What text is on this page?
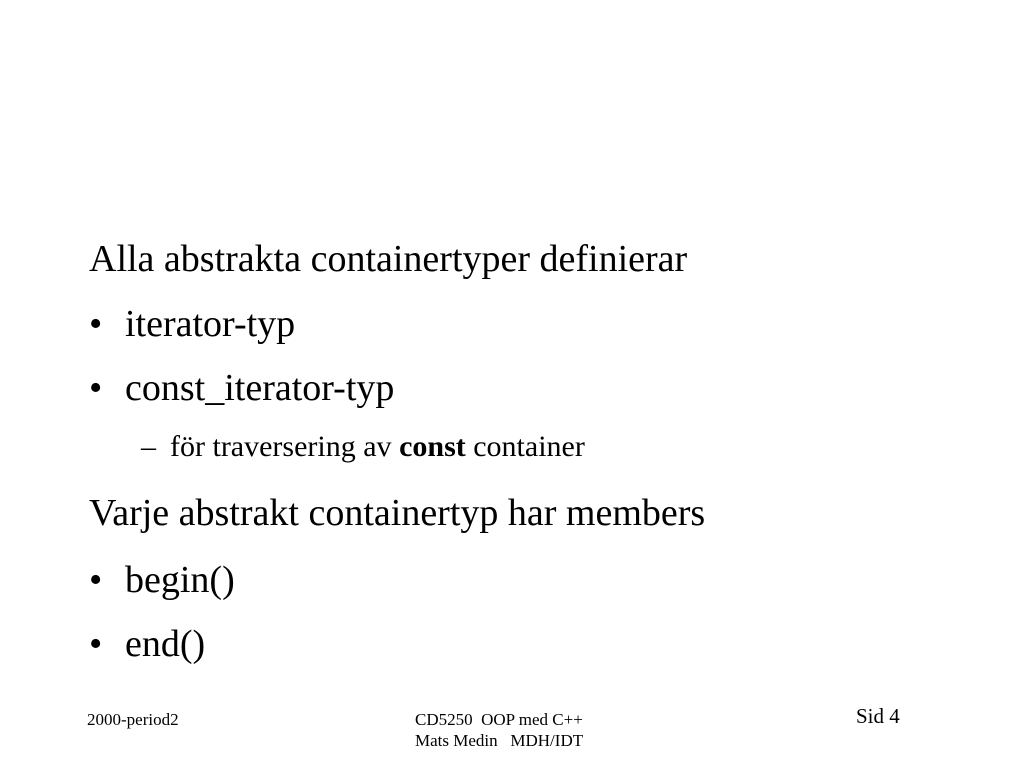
Alla abstrakta containertyper definierar
• iterator-typ
• const_iterator-typ
– för traversering av const container
Varje abstrakt containertyp har members
• begin()
• end()
2000-period2	CD5250  OOP med C++
Mats Medin   MDH/IDT
Sid 4
